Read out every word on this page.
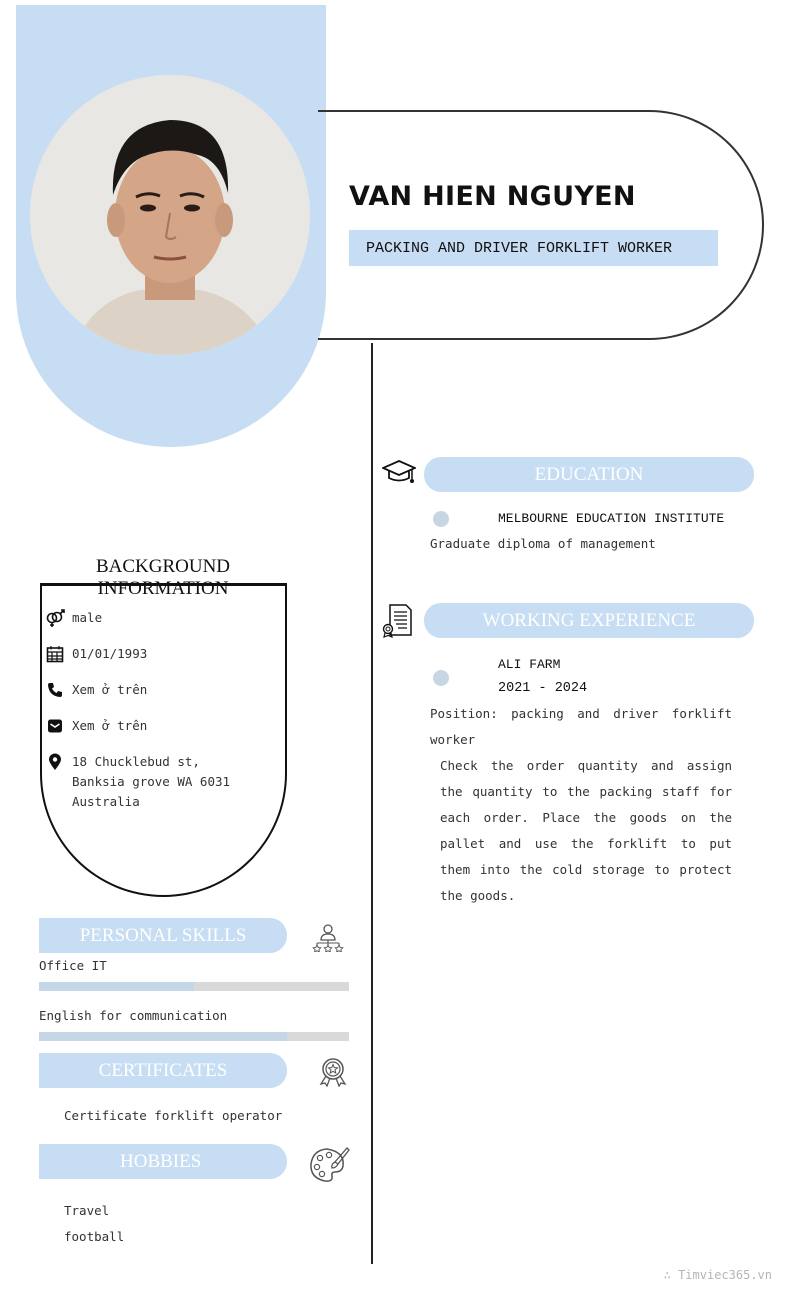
VAN HIEN NGUYEN
PACKING AND DRIVER FORKLIFT WORKER
BACKGROUND INFORMATION
male
01/01/1993
Xem ở trên
Xem ở trên
18 Chucklebud st, Banksia grove WA 6031 Australia
PERSONAL SKILLS
Office IT
English for communication
CERTIFICATES
Certificate forklift operator
HOBBIES
Travel
football
EDUCATION
MELBOURNE EDUCATION INSTITUTE
Graduate diploma of management
WORKING EXPERIENCE
ALI FARM
2021 - 2024
Position: packing and driver forklift worker
Check the order quantity and assign the quantity to the packing staff for each order. Place the goods on the pallet and use the forklift to put them into the cold storage to protect the goods.
∴ Timviec365.vn
